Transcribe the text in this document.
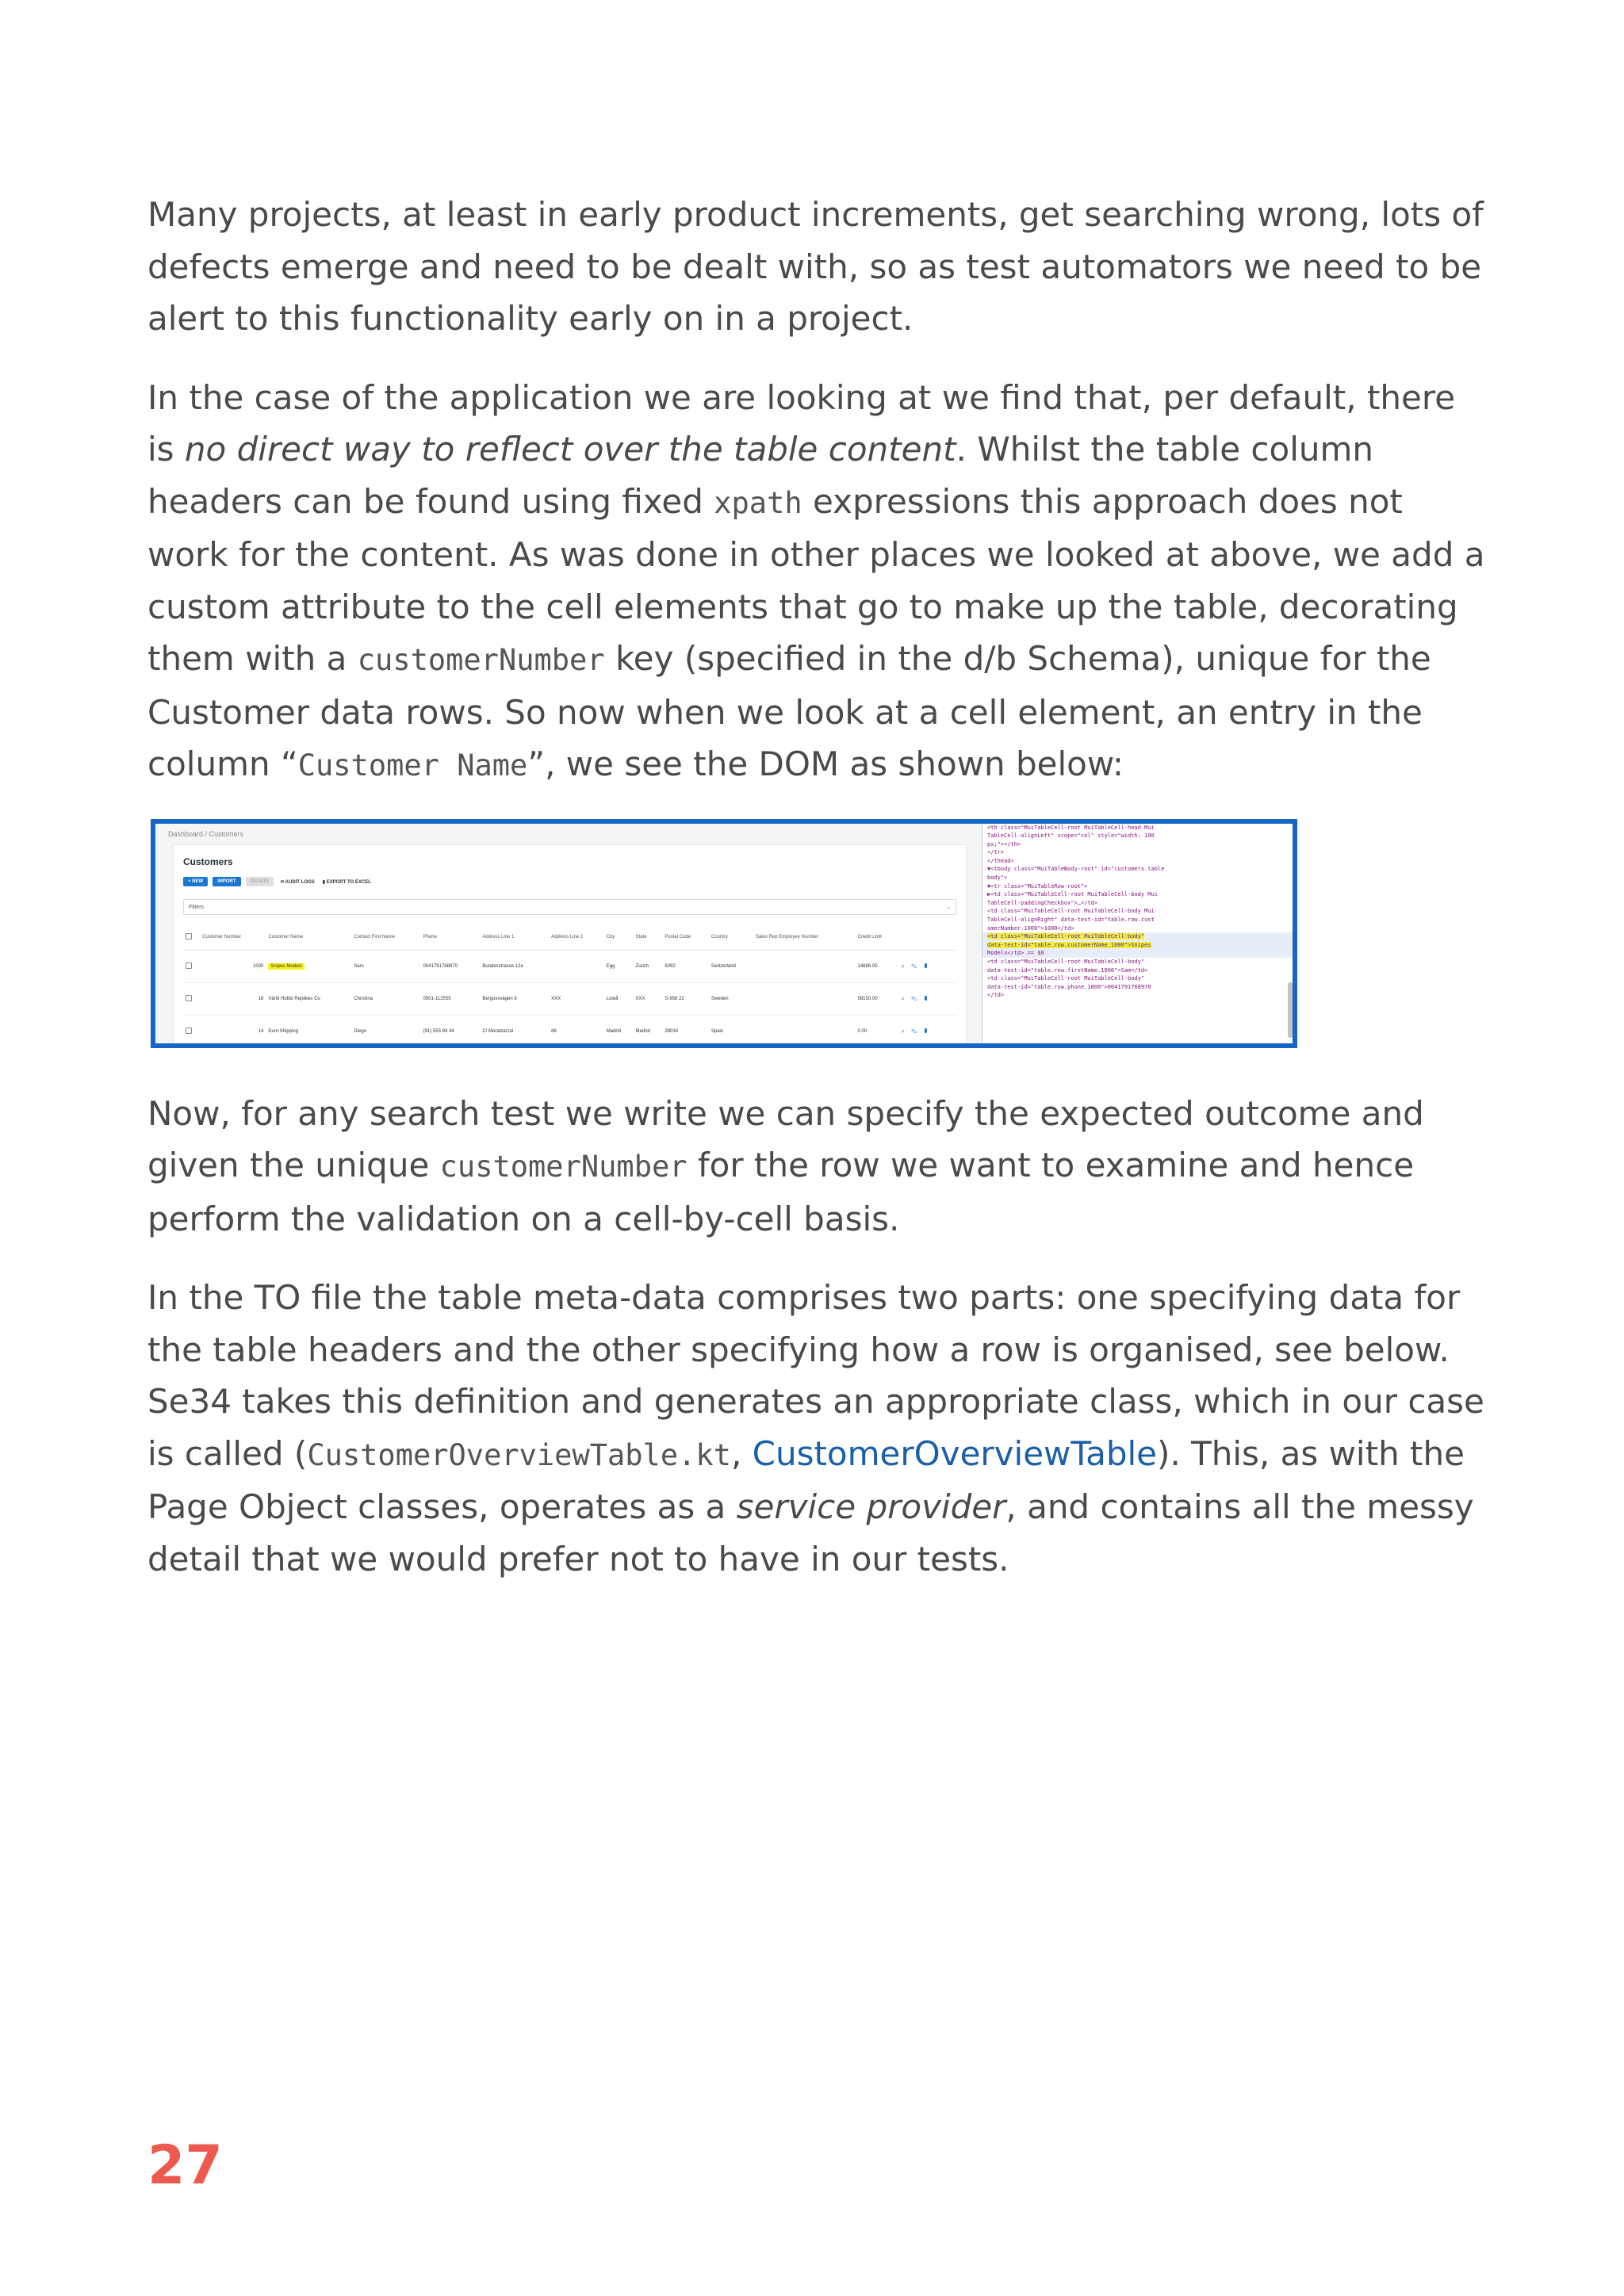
Many projects, at least in early product increments, get searching wrong, lots of defects emerge and need to be dealt with, so as test automators we need to be alert to this functionality early on in a project.

In the case of the application we are looking at we find that, per default, there is no direct way to reflect over the table content. Whilst the table column headers can be found using fixed xpath expressions this approach does not work for the content. As was done in other places we looked at above, we add a custom attribute to the cell elements that go to make up the table, decorating them with a customerNumber key (specified in the d/b Schema), unique for the Customer data rows. So now when we look at a cell element, an entry in the column “Customer Name”, we see the DOM as shown below:

Dashboard / Customers
Customers
+ NEW	IMPORT	DELETE	⟲ AUDIT LOGS	▮ EXPORT TO EXCEL
Filters	⌄
	Customer Number	Customer Name	Contact First Name	Phone	Address Line 1	Address Line 2	City	State	Postal Code	Country	Sales Rep Employee Number	Credit Limit	
	1000	Snipes Models	Sam	0041791768970	Bundesstrasse 12a		Egg	Zurich	8392	Switzerland		14896.00	⌕✎▮
	16	Värld Hobbi Replikes Co	Christina	0501-112555	Berguvsvägen 8	XXX	Luleå	XXX	S-958 22	Sweden		59150.00	⌕✎▮
	14	Euro Shipping	Diego	(91) 555 94 44	C/ Moralzarzal	86	Madrid	Madrid	28034	Spain		0.00	⌕✎▮
<th class="MuiTableCell-root MuiTableCell-head Mui
TableCell-alignLeft" scope="col" style="width: 100
px;"></th>
</tr>
</thead>
▼<tbody class="MuiTableBody-root" id="customers.table.
body">
▼<tr class="MuiTableRow-root">
▶<td class="MuiTableCell-root MuiTableCell-body Mui
TableCell-paddingCheckbox">…</td>
<td class="MuiTableCell-root MuiTableCell-body Mui
TableCell-alignRight" data-test-id="table.row.cust
omerNumber.1000">1000</td>
<td class="MuiTableCell-root MuiTableCell-body"
data-test-id="table.row.customerName.1000">Snipes
Models</td> == $0
<td class="MuiTableCell-root MuiTableCell-body"
data-test-id="table.row.firstName.1000">Sam</td>
<td class="MuiTableCell-root MuiTableCell-body"
data-test-id="table.row.phone.1000">0041791768970
</td>

Now, for any search test we write we can specify the expected outcome and given the unique customerNumber for the row we want to examine and hence perform the validation on a cell-by-cell basis.

In the TO file the table meta-data comprises two parts: one specifying data for the table headers and the other specifying how a row is organised, see below. Se34 takes this definition and generates an appropriate class, which in our case is called (CustomerOverviewTable.kt, CustomerOverviewTable). This, as with the Page Object classes, operates as a service provider, and contains all the messy detail that we would prefer not to have in our tests.

27
